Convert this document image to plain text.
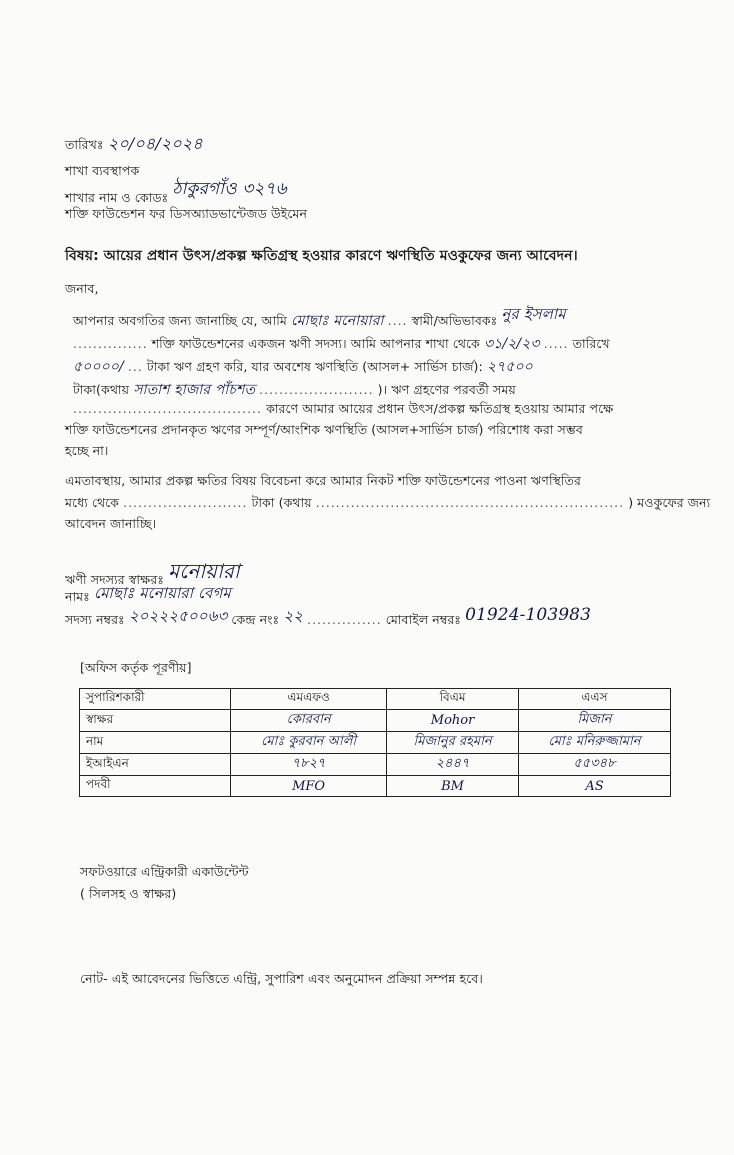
তারিখঃ ২০/০৪/২০২৪
শাখা ব্যবস্থাপক
শাখার নাম ও কোডঃ ঠাকুরগাঁও ৩২৭৬
শক্তি ফাউন্ডেশন ফর ডিসঅ্যাডভান্টেজড উইমেন
বিষয়: আয়ের প্রধান উৎস/প্রকল্প ক্ষতিগ্রস্থ হওয়ার কারণে ঋণস্থিতি মওকুফের জন্য আবেদন।
জনাব,
আপনার অবগতির জন্য জানাচ্ছি যে, আমি মোছাঃ মনোয়ারা .... স্বামী/অভিভাবকঃ নুর ইসলাম
............... শক্তি ফাউন্ডেশনের একজন ঋণী সদস্য। আমি আপনার শাখা থেকে ৩১/২/২৩ ..... তারিখে
৫০০০০/ ... টাকা ঋণ গ্রহণ করি, যার অবশেষ ঋণস্থিতি (আসল+ সার্ভিস চার্জ): ২৭৫০০
টাকা(কথায় সাতাশ হাজার পাঁচশত ....................... )। ঋণ গ্রহণের পরবর্তী সময়
...................................... কারণে আমার আয়ের প্রধান উৎস/প্রকল্প ক্ষতিগ্রস্থ হওয়ায় আমার পক্ষে
শক্তি ফাউন্ডেশনের প্রদানকৃত ঋণের সম্পূর্ণ/আংশিক ঋণস্থিতি (আসল+সার্ভিস চার্জ) পরিশোধ করা সম্ভব
হচ্ছে না।
এমতাবস্থায়, আমার প্রকল্প ক্ষতির বিষয় বিবেচনা করে আমার নিকট শক্তি ফাউন্ডেশনের পাওনা ঋণস্থিতির
মধ্যে থেকে ......................... টাকা (কথায় .............................................................. ) মওকুফের জন্য
আবেদন জানাচ্ছি।
ঋণী সদস্যর স্বাক্ষরঃ মনোয়ারা
নামঃ মোছাঃ মনোয়ারা বেগম
সদস্য নম্বরঃ ২০২২২৫০০৬৩ কেন্দ্র নংঃ ২২ ............... মোবাইল নম্বরঃ 01924-103983
[অফিস কর্তৃক পূরণীয়]
সুপারিশকারী	এমএফও	বিএম	এএস
স্বাক্ষর	কোরবান	Mohor	মিজান
নাম	মোঃ কুরবান আলী	মিজানুর রহমান	মোঃ মনিরুজ্জামান
ইআইএন	৭৮২৭	২৪৪৭	৫৫৩৪৮
পদবী	MFO	BM	AS
সফটওয়ারে এন্ট্রিকারী একাউন্টেন্ট
( সিলসহ ও স্বাক্ষর)
নোট- এই আবেদনের ভিত্তিতে এন্ট্রি, সুপারিশ এবং অনুমোদন প্রক্রিয়া সম্পন্ন হবে।
